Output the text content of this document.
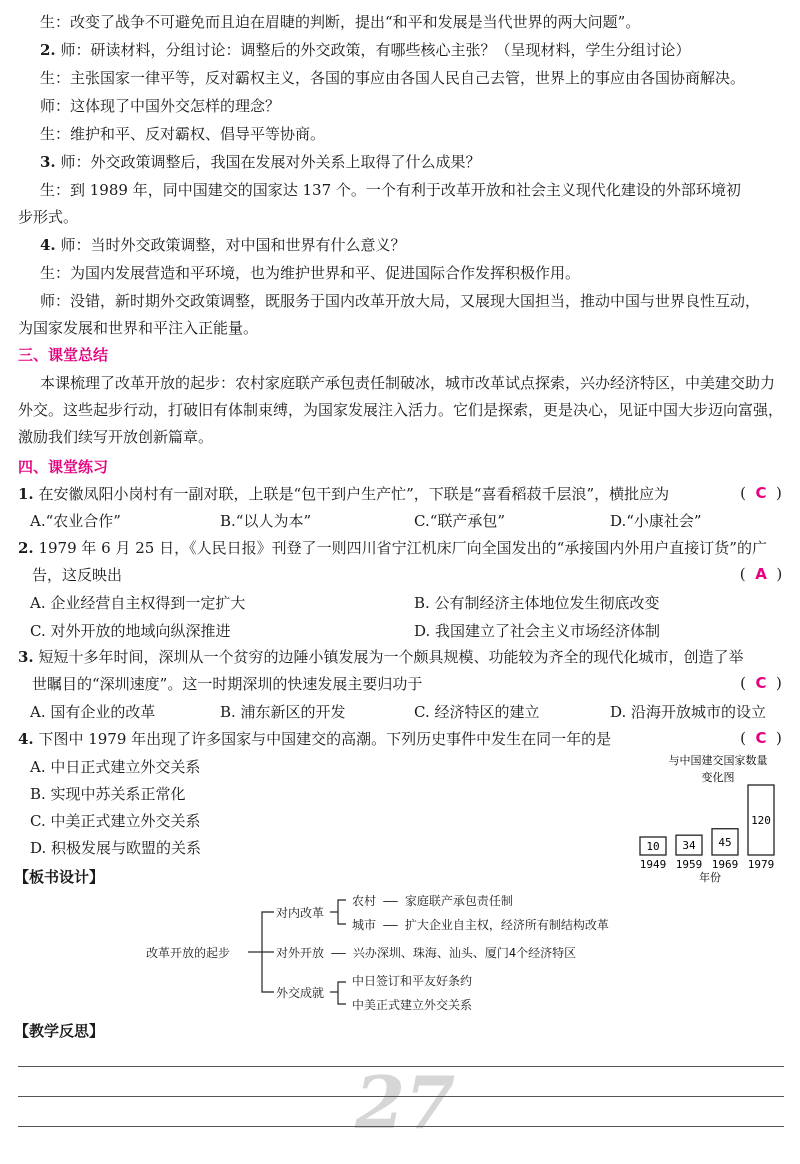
生：改变了战争不可避免而且迫在眉睫的判断，提出“和平和发展是当代世界的两大问题”。
2. 师：研读材料，分组讨论：调整后的外交政策，有哪些核心主张？（呈现材料，学生分组讨论）
生：主张国家一律平等，反对霸权主义，各国的事应由各国人民自己去管，世界上的事应由各国协商解决。
师：这体现了中国外交怎样的理念？
生：维护和平、反对霸权、倡导平等协商。
3. 师：外交政策调整后，我国在发展对外关系上取得了什么成果？
生：到 1989 年，同中国建交的国家达 137 个。一个有利于改革开放和社会主义现代化建设的外部环境初
步形式。
4. 师：当时外交政策调整，对中国和世界有什么意义？
生：为国内发展营造和平环境，也为维护世界和平、促进国际合作发挥积极作用。
师：没错，新时期外交政策调整，既服务于国内改革开放大局，又展现大国担当，推动中国与世界良性互动，
为国家发展和世界和平注入正能量。
三、课堂总结
本课梳理了改革开放的起步：农村家庭联产承包责任制破冰，城市改革试点探索，兴办经济特区，中美建交助力外交。这些起步行动，打破旧有体制束缚，为国家发展注入活力。它们是探索，更是决心，见证中国大步迈向富强，激励我们续写开放创新篇章。
四、课堂练习
1. 在安徽凤阳小岗村有一副对联，上联是“包干到户生产忙”，下联是“喜看稻菽千层浪”，横批应为	(  C  )
A.“农业合作”	B.“以人为本”	C.“联产承包”	D.“小康社会”
2. 1979 年 6 月 25 日，《人民日报》刊登了一则四川省宁江机床厂向全国发出的“承接国内外用户直接订货”的广
告，这反映出	(  A  )
A. 企业经营自主权得到一定扩大	B. 公有制经济主体地位发生彻底改变
C. 对外开放的地域向纵深推进	D. 我国建立了社会主义市场经济体制
3. 短短十多年时间，深圳从一个贫穷的边陲小镇发展为一个颇具规模、功能较为齐全的现代化城市，创造了举
世瞩目的“深圳速度”。这一时期深圳的快速发展主要归功于	(  C  )
A. 国有企业的改革	B. 浦东新区的开发	C. 经济特区的建立	D. 沿海开放城市的设立
4. 下图中 1979 年出现了许多国家与中国建交的高潮。下列历史事件中发生在同一年的是	(  C  )
A. 中日正式建立外交关系
B. 实现中苏关系正常化
C. 中美正式建立外交关系
D. 积极发展与欧盟的关系
与中国建交国家数量
变化图
10
1949
34
1959
45
1969
120
1979
年份
【板书设计】
改革开放的起步
对内改革
农村 —— 家庭联产承包责任制
城市 —— 扩大企业自主权，经济所有制结构改革
对外开放 —— 兴办深圳、珠海、汕头、厦门4个经济特区
外交成就
中日签订和平友好条约
中美正式建立外交关系
【教学反思】
27
